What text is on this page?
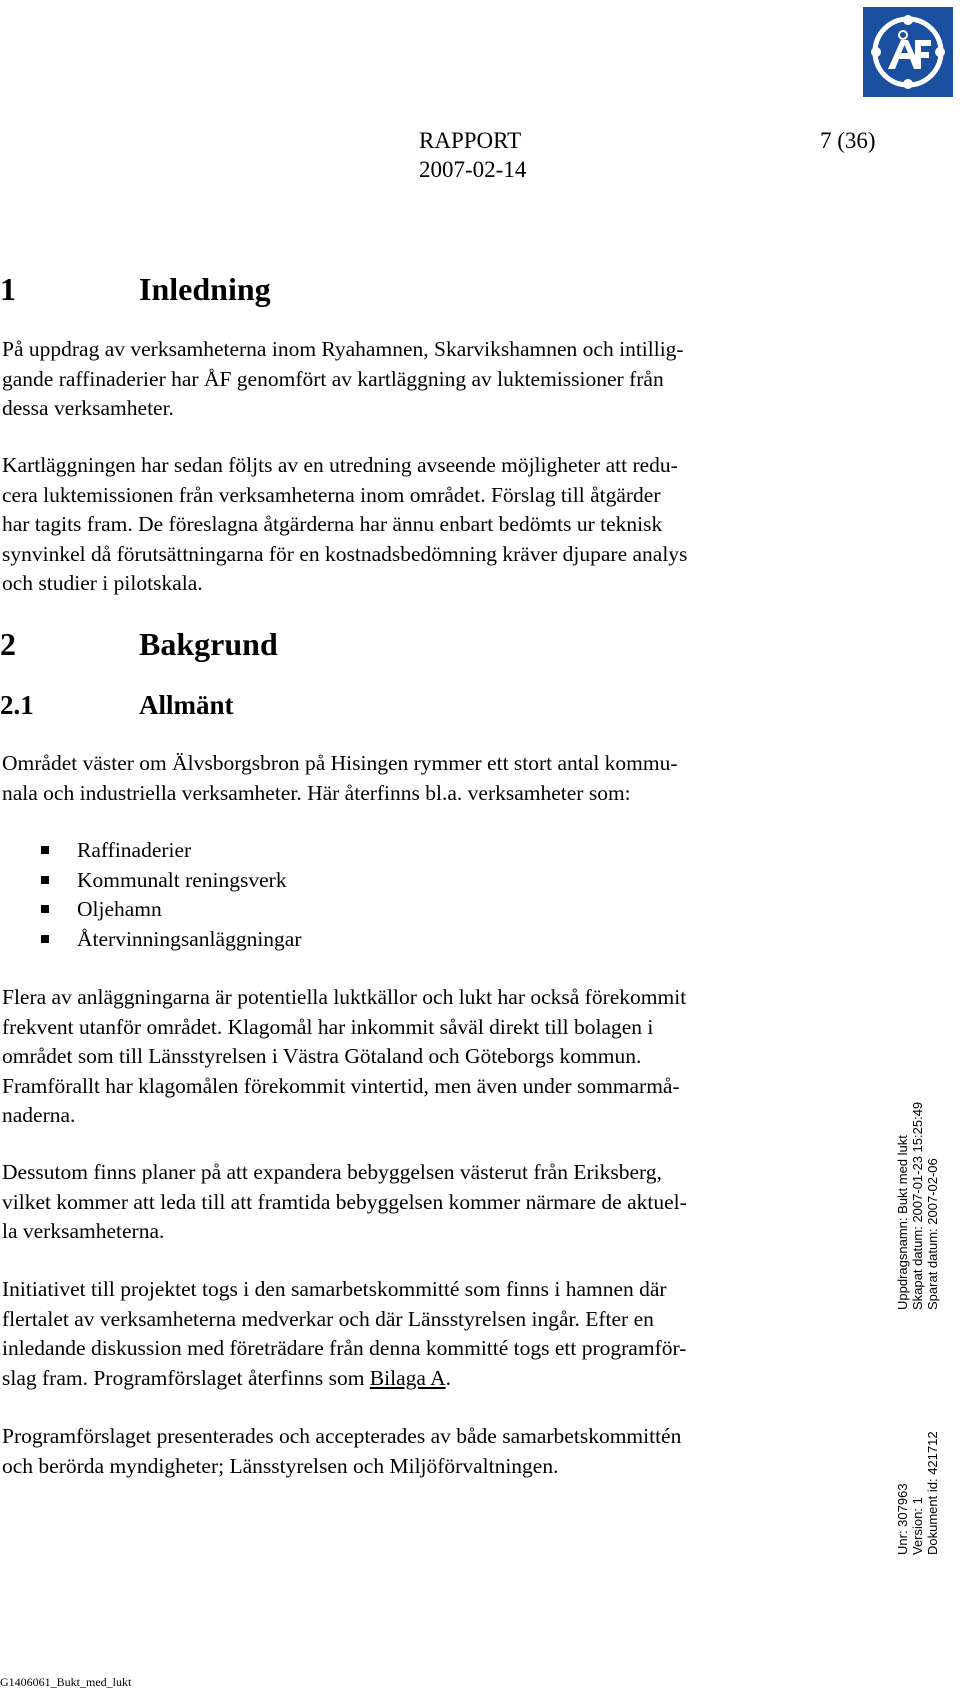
RAPPORT	7 (36)
2007-02-14
1	Inledning
På uppdrag av verksamheterna inom Ryahamnen, Skarvikshamnen och intillig-
gande raffinaderier har ÅF genomfört av kartläggning av luktemissioner från
dessa verksamheter.
Kartläggningen har sedan följts av en utredning avseende möjligheter att redu-
cera luktemissionen från verksamheterna inom området. Förslag till åtgärder
har tagits fram. De föreslagna åtgärderna har ännu enbart bedömts ur teknisk
synvinkel då förutsättningarna för en kostnadsbedömning kräver djupare analys
och studier i pilotskala.
2	Bakgrund
2.1	Allmänt
Området väster om Älvsborgsbron på Hisingen rymmer ett stort antal kommu-
nala och industriella verksamheter. Här återfinns bl.a. verksamheter som:
Raffinaderier
Kommunalt reningsverk
Oljehamn
Återvinningsanläggningar
Flera av anläggningarna är potentiella luktkällor och lukt har också förekommit
frekvent utanför området. Klagomål har inkommit såväl direkt till bolagen i
området som till Länsstyrelsen i Västra Götaland och Göteborgs kommun.
Framförallt har klagomålen förekommit vintertid, men även under sommarmå-
naderna.
Dessutom finns planer på att expandera bebyggelsen västerut från Eriksberg,
vilket kommer att leda till att framtida bebyggelsen kommer närmare de aktuel-
la verksamheterna.
Initiativet till projektet togs i den samarbetskommitté som finns i hamnen där
flertalet av verksamheterna medverkar och där Länsstyrelsen ingår. Efter en
inledande diskussion med företrädare från denna kommitté togs ett programför-
slag fram. Programförslaget återfinns som Bilaga A.
Programförslaget presenterades och accepterades av både samarbetskommittén
och berörda myndigheter; Länsstyrelsen och Miljöförvaltningen.
Uppdragsnamn: Bukt med lukt Skapat datum: 2007-01-23 15:25:49 Sparat datum: 2007-02-06
Unr: 307963 Version: 1 Dokument id: 421712
G1406061_Bukt_med_lukt
